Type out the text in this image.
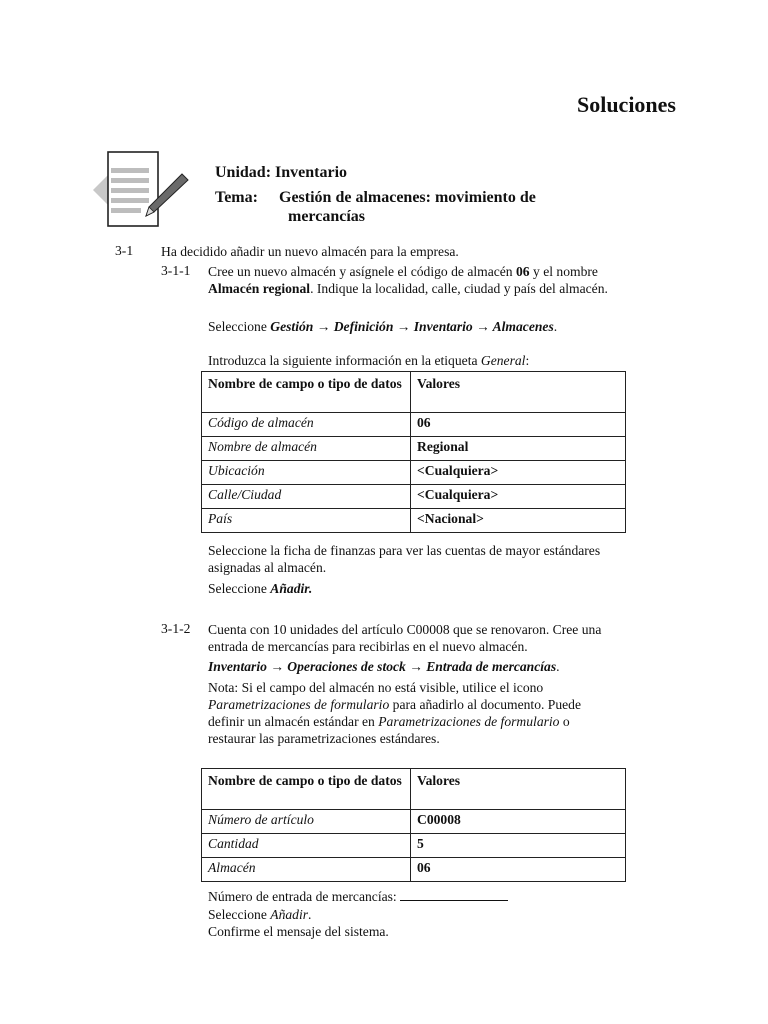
Soluciones
Unidad: Inventario
Tema: Gestión de almacenes: movimiento de
mercancías
3-1 Ha decidido añadir un nuevo almacén para la empresa.
3-1-1 Cree un nuevo almacén y asígnele el código de almacén 06 y el nombre
Almacén regional. Indique la localidad, calle, ciudad y país del almacén.
Seleccione Gestión → Definición → Inventario → Almacenes.
Introduzca la siguiente información en la etiqueta General:
Nombre de campo o tipo de datos	Valores
Código de almacén	06
Nombre de almacén	Regional
Ubicación	<Cualquiera>
Calle/Ciudad	<Cualquiera>
País	<Nacional>
Seleccione la ficha de finanzas para ver las cuentas de mayor estándares
asignadas al almacén.
Seleccione Añadir.
3-1-2 Cuenta con 10 unidades del artículo C00008 que se renovaron. Cree una
entrada de mercancías para recibirlas en el nuevo almacén.
Inventario → Operaciones de stock → Entrada de mercancías.
Nota: Si el campo del almacén no está visible, utilice el icono
Parametrizaciones de formulario para añadirlo al documento. Puede
definir un almacén estándar en Parametrizaciones de formulario o
restaurar las parametrizaciones estándares.
Nombre de campo o tipo de datos	Valores
Número de artículo	C00008
Cantidad	5
Almacén	06
Número de entrada de mercancías:
Seleccione Añadir.
Confirme el mensaje del sistema.
